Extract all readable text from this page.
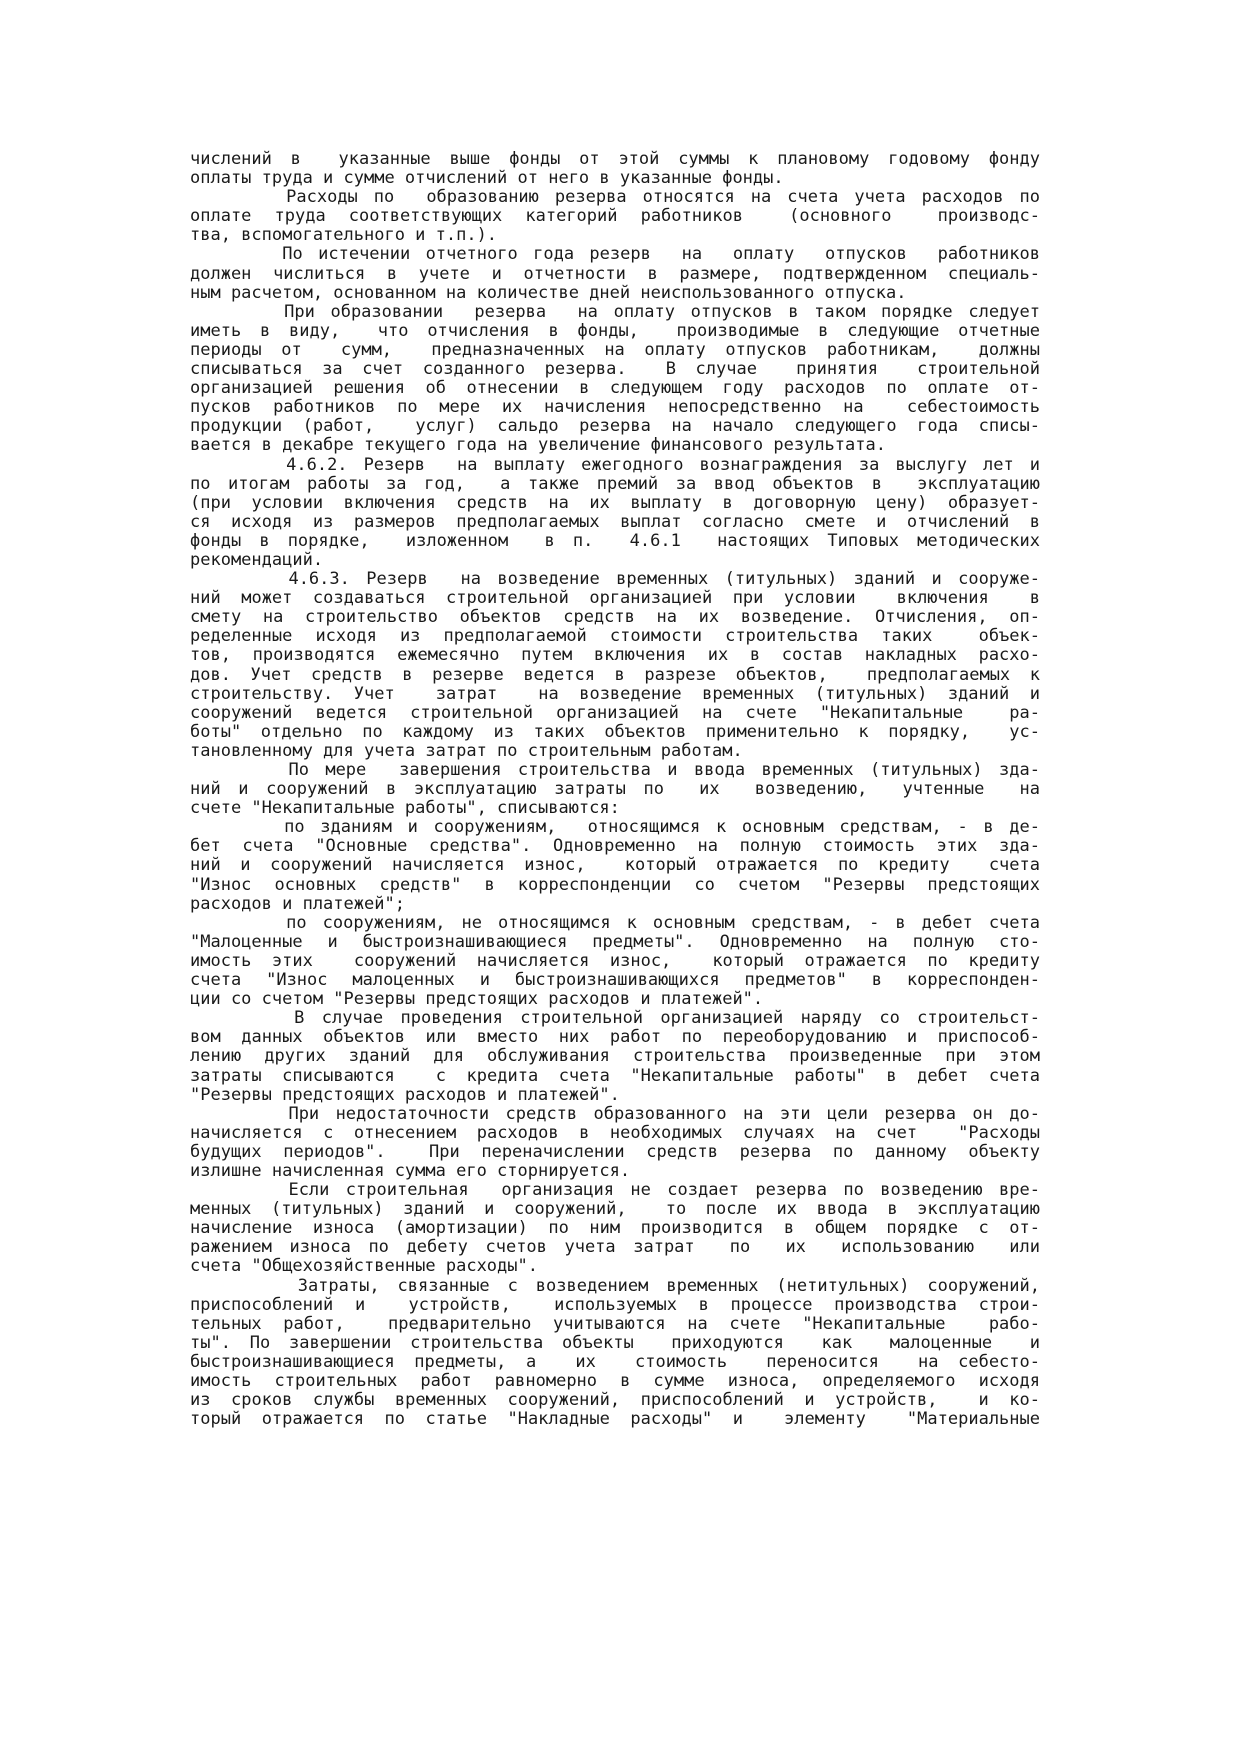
числений в  указанные выше фонды от этой суммы к плановому годовому фонду
оплаты труда и сумме отчислений от него в указанные фонды.
Расходы по  образованию резерва относятся на счета учета расходов по
оплате труда соответствующих категорий работников  (основного  производс-
тва, вспомогательного и т.п.).
По истечении отчетного года резерв  на  оплату  отпусков  работников
должен числиться в учете и отчетности в размере, подтвержденном специаль-
ным расчетом, основанном на количестве дней неиспользованного отпуска.
При образовании  резерва  на оплату отпусков в таком порядке следует
иметь в виду,  что отчисления в фонды,  производимые в следующие отчетные
периоды от  сумм,  предназначенных на оплату отпусков работникам,  должны
списываться за счет созданного резерва.  В случае  принятия  строительной
организацией решения об отнесении в следующем году расходов по оплате от-
пусков работников по мере их начисления непосредственно на  себестоимость
продукции (работ,  услуг) сальдо резерва на начало следующего года списы-
вается в декабре текущего года на увеличение финансового результата.
4.6.2. Резерв  на выплату ежегодного вознаграждения за выслугу лет и
по итогам работы за год,  а также премий за ввод объектов в  эксплуатацию
(при условии включения средств на их выплату в договорную цену) образует-
ся исходя из размеров предполагаемых выплат согласно смете и отчислений в
фонды в порядке,  изложенном  в п.  4.6.1  настоящих Типовых методических
рекомендаций.
4.6.3. Резерв  на возведение временных (титульных) зданий и сооруже-
ний может создаваться строительной организацией при условии  включения  в
смету на строительство объектов средств на их возведение. Отчисления, оп-
ределенные исходя из предполагаемой стоимости строительства таких  объек-
тов, производятся ежемесячно путем включения их в состав накладных расхо-
дов. Учет средств в резерве ведется в разрезе объектов,  предполагаемых к
строительству. Учет  затрат  на возведение временных (титульных) зданий и
сооружений ведется строительной организацией на счете "Некапитальные  ра-
боты" отдельно по каждому из таких объектов применительно к порядку,  ус-
тановленному для учета затрат по строительным работам.
По мере  завершения строительства и ввода временных (титульных) зда-
ний и сооружений в эксплуатацию затраты по  их  возведению,  учтенные  на
счете "Некапитальные работы", списываются:
по зданиям и сооружениям,  относящимся к основным средствам, - в де-
бет счета "Основные средства". Одновременно на полную стоимость этих зда-
ний и сооружений начисляется износ,  который отражается по кредиту  счета
"Износ основных средств" в корреспонденции со счетом "Резервы предстоящих
расходов и платежей";
по сооружениям, не относящимся к основным средствам, - в дебет счета
"Малоценные и быстроизнашивающиеся предметы". Одновременно на полную сто-
имость этих  сооружений начисляется износ,  который отражается по кредиту
счета "Износ малоценных и быстроизнашивающихся предметов" в корреспонден-
ции со счетом "Резервы предстоящих расходов и платежей".
В случае проведения строительной организацией наряду со строительст-
вом данных объектов или вместо них работ по переоборудованию и приспособ-
лению других зданий для обслуживания строительства произведенные при этом
затраты списываются  с кредита счета "Некапитальные работы" в дебет счета
"Резервы предстоящих расходов и платежей".
При недостаточности средств образованного на эти цели резерва он до-
начисляется с отнесением расходов в необходимых случаях на счет  "Расходы
будущих периодов".  При переначислении средств резерва по данному объекту
излишне начисленная сумма его сторнируется.
Если строительная  организация не создает резерва по возведению вре-
менных (титульных) зданий и сооружений,  то после их ввода в эксплуатацию
начисление износа (амортизации) по ним производится в общем порядке с от-
ражением износа по дебету счетов учета затрат  по  их  использованию  или
счета "Общехозяйственные расходы".
Затраты, связанные с возведением временных (нетитульных) сооружений,
приспособлений и  устройств,  используемых в процессе производства строи-
тельных работ,  предварительно учитываются на счете "Некапитальные  рабо-
ты". По завершении строительства объекты  приходуются  как  малоценные  и
быстроизнашивающиеся предметы, а  их  стоимость  переносится  на себесто-
имость строительных работ равномерно в сумме износа, определяемого исходя
из сроков службы временных сооружений, приспособлений и устройств,  и ко-
торый отражается по статье "Накладные расходы" и  элементу  "Материальные
